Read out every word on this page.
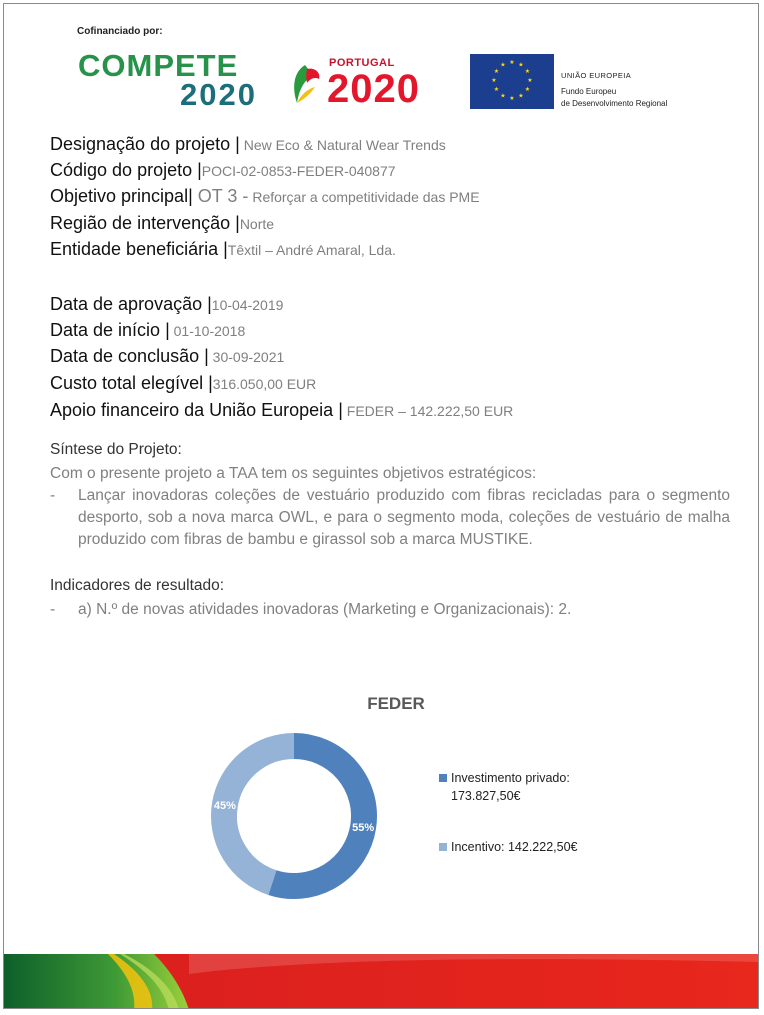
Cofinanciado por:
COMPETE
2020
PORTUGAL
2020
★ ★
★
★
★
★
★
★
★
★
★
★
UNIÃO EUROPEIA
Fundo Europeu
de Desenvolvimento Regional
Designação do projeto | New Eco & Natural Wear Trends
Código do projeto |POCI-02-0853-FEDER-040877
Objetivo principal| OT 3 - Reforçar a competitividade das PME
Região de intervenção |Norte
Entidade beneficiária |Têxtil – André Amaral, Lda.
Data de aprovação |10-04-2019
Data de início | 01-10-2018
Data de conclusão | 30-09-2021
Custo total elegível |316.050,00 EUR
Apoio financeiro da União Europeia | FEDER – 142.222,50 EUR
Síntese do Projeto:
Com o presente projeto a TAA tem os seguintes objetivos estratégicos:
-	Lançar inovadoras coleções de vestuário produzido com fibras recicladas para o segmento desporto, sob a nova marca OWL, e para o segmento moda, coleções de vestuário de malha produzido com fibras de bambu e girassol sob a marca MUSTIKE.
Indicadores de resultado:
-	a) N.º de novas atividades inovadoras (Marketing e Organizacionais): 2.
FEDER
55%
45%
Investimento privado:
173.827,50€
Incentivo: 142.222,50€
